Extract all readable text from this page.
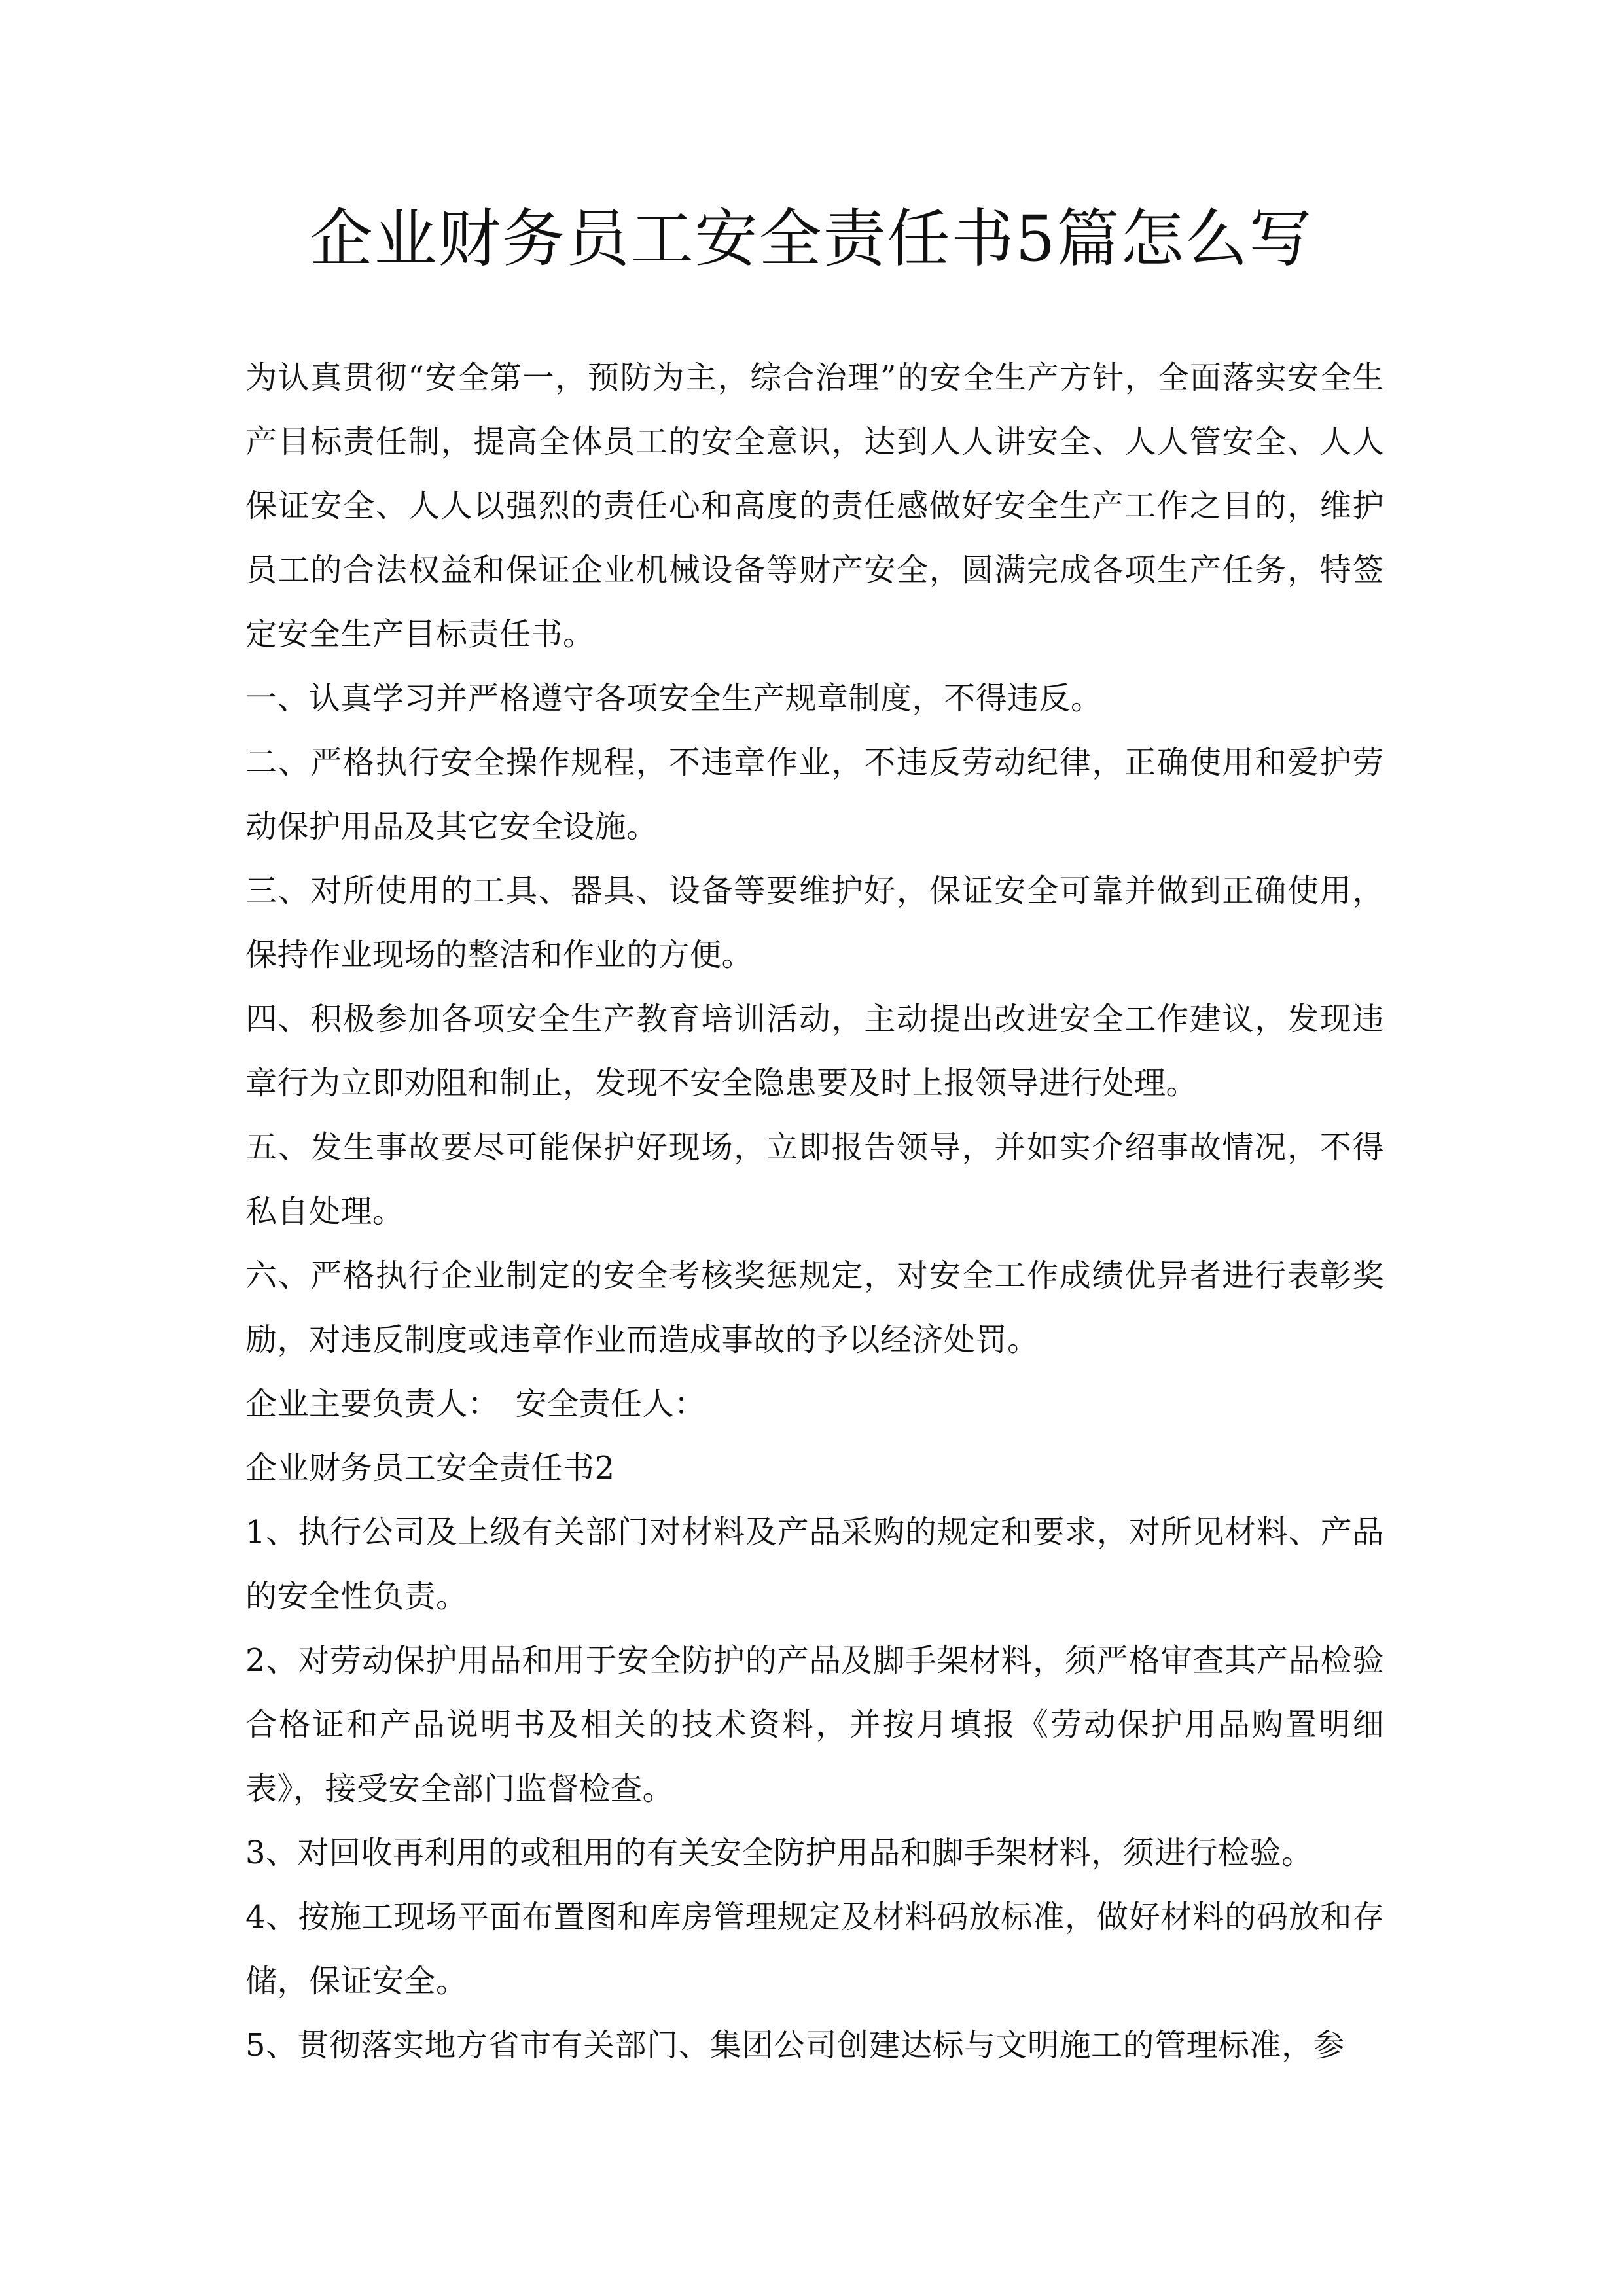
企业财务员工安全责任书5篇怎么写

为认真贯彻“安全第一，预防为主，综合治理”的安全生产方针，全面落实安全生产目标责任制，提高全体员工的安全意识，达到人人讲安全、人人管安全、人人保证安全、人人以强烈的责任心和高度的责任感做好安全生产工作之目的，维护员工的合法权益和保证企业机械设备等财产安全，圆满完成各项生产任务，特签定安全生产目标责任书。

一、认真学习并严格遵守各项安全生产规章制度，不得违反。

二、严格执行安全操作规程，不违章作业，不违反劳动纪律，正确使用和爱护劳动保护用品及其它安全设施。

三、对所使用的工具、器具、设备等要维护好，保证安全可靠并做到正确使用，保持作业现场的整洁和作业的方便。

四、积极参加各项安全生产教育培训活动，主动提出改进安全工作建议，发现违章行为立即劝阻和制止，发现不安全隐患要及时上报领导进行处理。

五、发生事故要尽可能保护好现场，立即报告领导，并如实介绍事故情况，不得私自处理。

六、严格执行企业制定的安全考核奖惩规定，对安全工作成绩优异者进行表彰奖励，对违反制度或违章作业而造成事故的予以经济处罚。

企业主要负责人：　安全责任人：

企业财务员工安全责任书2

1、执行公司及上级有关部门对材料及产品采购的规定和要求，对所见材料、产品的安全性负责。

2、对劳动保护用品和用于安全防护的产品及脚手架材料，须严格审查其产品检验合格证和产品说明书及相关的技术资料，并按月填报《劳动保护用品购置明细表》，接受安全部门监督检查。

3、对回收再利用的或租用的有关安全防护用品和脚手架材料，须进行检验。

4、按施工现场平面布置图和库房管理规定及材料码放标准，做好材料的码放和存储，保证安全。

5、贯彻落实地方省市有关部门、集团公司创建达标与文明施工的管理标准，参
